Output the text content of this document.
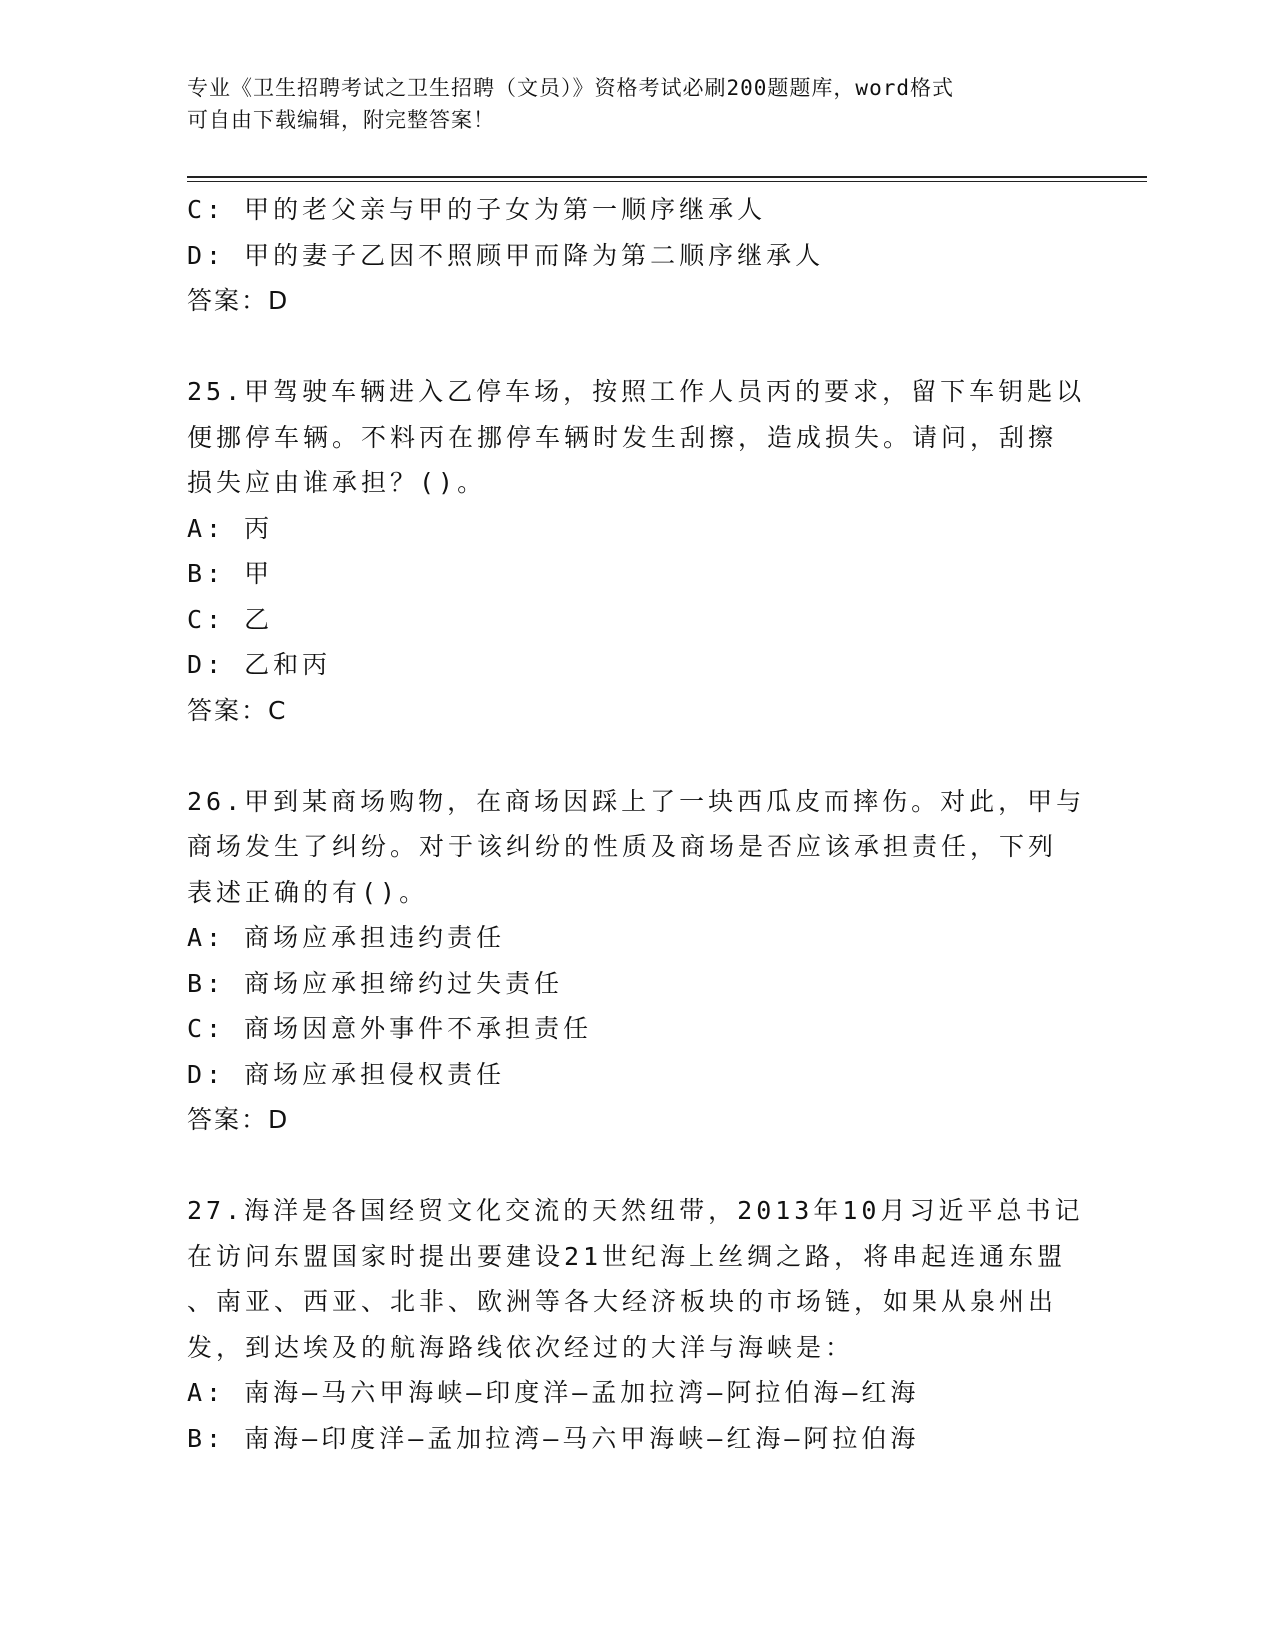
专业《卫生招聘考试之卫生招聘（文员）》资格考试必刷200题题库，word格式
可自由下载编辑，附完整答案！
C: 甲的老父亲与甲的子女为第一顺序继承人
D: 甲的妻子乙因不照顾甲而降为第二顺序继承人
答案：D
25.甲驾驶车辆进入乙停车场，按照工作人员丙的要求，留下车钥匙以
便挪停车辆。不料丙在挪停车辆时发生刮擦，造成损失。请问，刮擦
损失应由谁承担？()。
A: 丙
B: 甲
C: 乙
D: 乙和丙
答案：C
26.甲到某商场购物，在商场因踩上了一块西瓜皮而摔伤。对此，甲与
商场发生了纠纷。对于该纠纷的性质及商场是否应该承担责任，下列
表述正确的有()。
A: 商场应承担违约责任
B: 商场应承担缔约过失责任
C: 商场因意外事件不承担责任
D: 商场应承担侵权责任
答案：D
27.海洋是各国经贸文化交流的天然纽带，2013年10月习近平总书记
在访问东盟国家时提出要建设21世纪海上丝绸之路，将串起连通东盟
、南亚、西亚、北非、欧洲等各大经济板块的市场链，如果从泉州出
发，到达埃及的航海路线依次经过的大洋与海峡是：
A: 南海—马六甲海峡—印度洋—孟加拉湾—阿拉伯海—红海
B: 南海—印度洋—孟加拉湾—马六甲海峡—红海—阿拉伯海
